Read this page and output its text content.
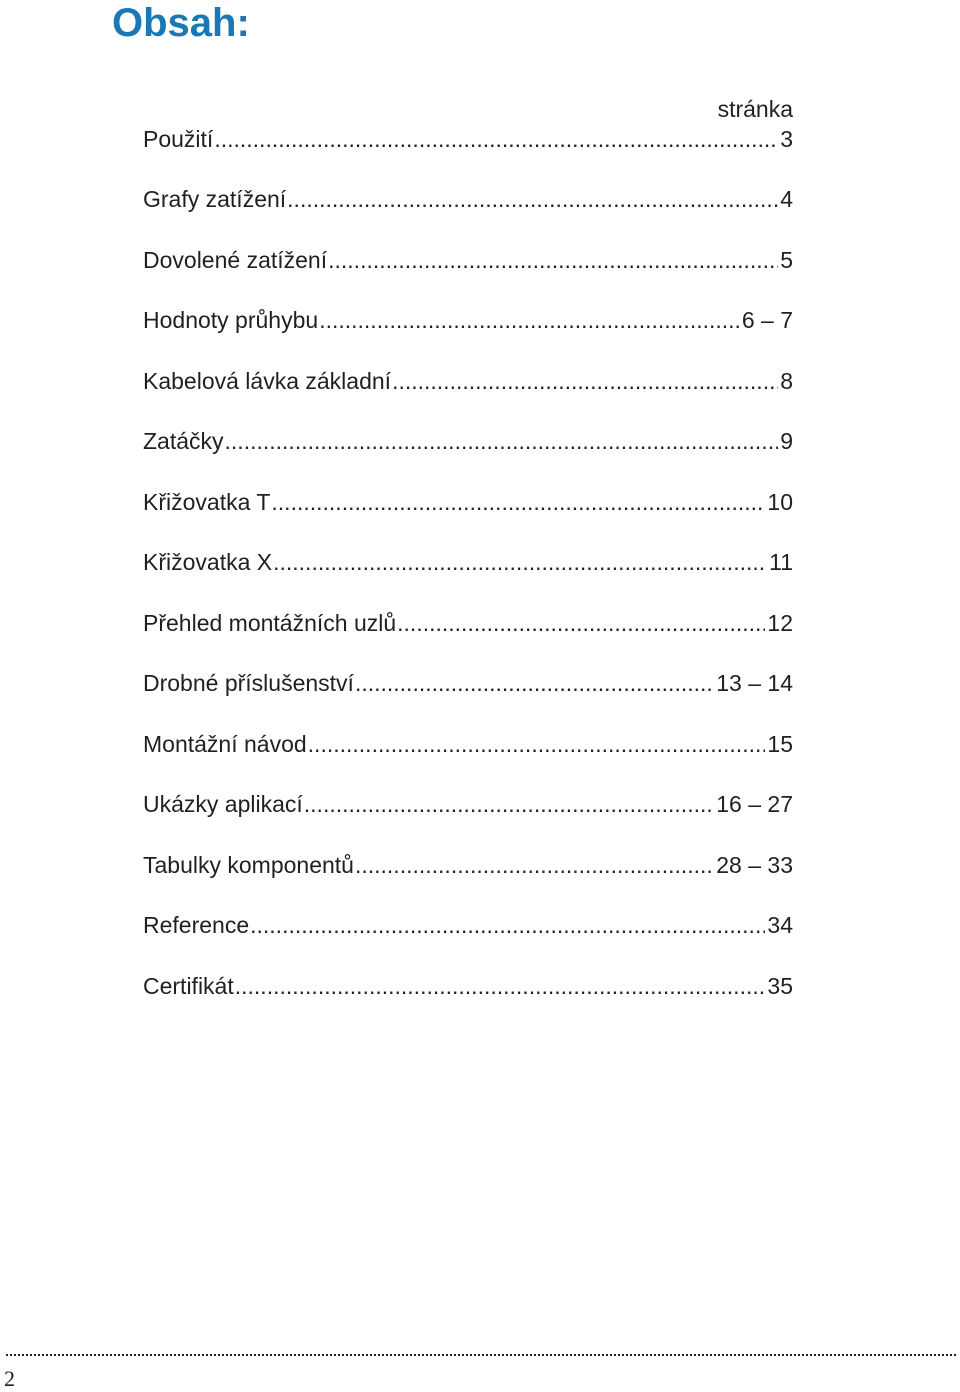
Obsah:
stránka
Použití .....	3
Grafy zatížení .....	4
Dovolené zatížení .....	5
Hodnoty průhybu .....	6 – 7
Kabelová lávka základní .....	8
Zatáčky .....	9
Křižovatka T .....	10
Křižovatka X .....	11
Přehled montážních uzlů .....	12
Drobné příslušenství .....	13 – 14
Montážní návod .....	15
Ukázky aplikací .....	16 – 27
Tabulky komponentů .....	28 – 33
Reference .....	34
Certifikát .....	35
2
